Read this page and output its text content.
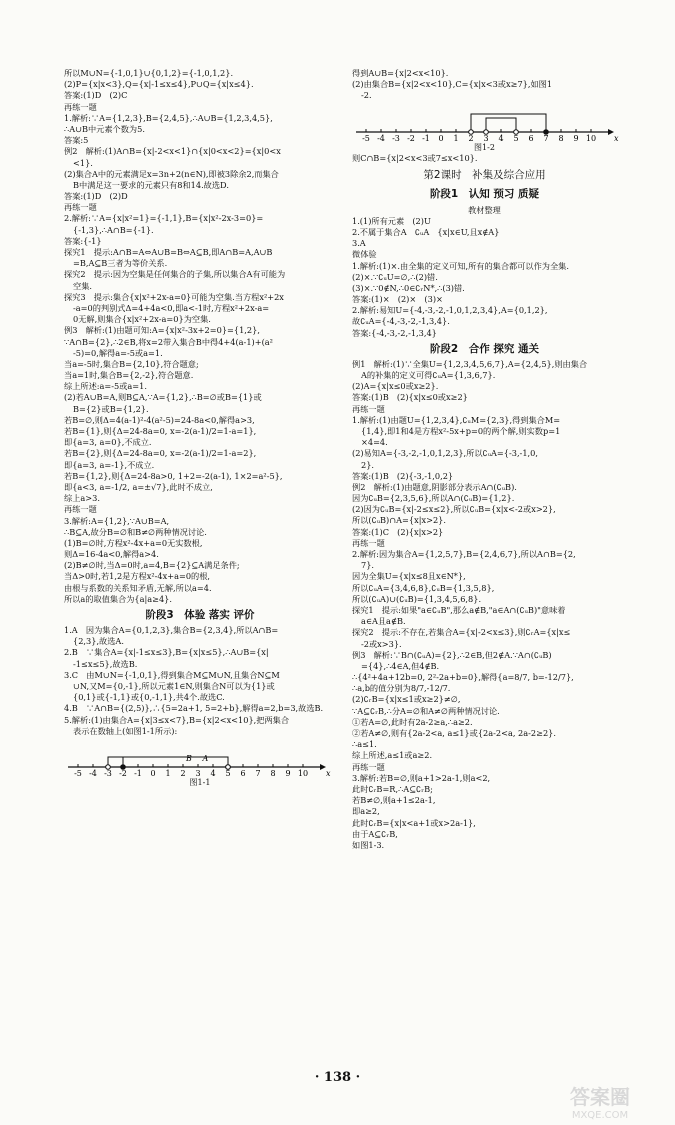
所以M∪N={-1,0,1}∪{0,1,2}={-1,0,1,2}.
(2)P={x|x<3},Q={x|-1≤x≤4},P∪Q={x|x≤4}.
答案:(1)D　(2)C
再练一题
1.解析:∵A={1,2,3},B={2,4,5},∴A∪B={1,2,3,4,5},
∴A∪B中元素个数为5.
答案:5
例2　解析:(1)A∩B={x|-2<x<1}∩{x|0<x<2}={x|0<x
<1}.
(2)集合A中的元素满足x=3n+2(n∈N),即被3除余2,而集合
B中满足这一要求的元素只有8和14.故选D.
答案:(1)D　(2)D
再练一题
2.解析:∵A={x|x²=1}={-1,1},B={x|x²-2x-3=0}=
{-1,3},∴A∩B={-1}.
答案:{-1}
探究1　提示:A∩B=A⇔A∪B=B⇔A⊆B,即A∩B=A,A∪B
=B,A⊆B三者为等价关系.
探究2　提示:因为空集是任何集合的子集,所以集合A有可能为
空集.
探究3　提示:集合{x|x²+2x-a=0}可能为空集.当方程x²+2x
-a=0的判别式Δ=4+4a<0,即a<-1时,方程x²+2x-a=
0无解,则集合{x|x²+2x-a=0}为空集.
例3　解析:(1)由题可知:A={x|x²-3x+2=0}={1,2},
∵A∩B={2},∴2∈B,将x=2带入集合B中得4+4(a-1)+(a²
-5)=0,解得a=-5或a=1.
当a=-5时,集合B={2,10},符合题意;
当a=1时,集合B={2,-2},符合题意.
综上所述:a=-5或a=1.
(2)若A∪B=A,则B⊆A,∵A={1,2},∴B=∅或B={1}或
B={2}或B={1,2}.
若B=∅,则Δ=4(a-1)²-4(a²-5)=24-8a<0,解得a>3,
若B={1},则{Δ=24-8a=0, x=-2(a-1)/2=1-a=1},
即{a=3, a=0},不成立.
若B={2},则{Δ=24-8a=0, x=-2(a-1)/2=1-a=2},
即{a=3, a=-1},不成立.
若B={1,2},则{Δ=24-8a>0, 1+2=-2(a-1), 1×2=a²-5},
即{a<3, a=-1/2, a=±√7},此时不成立,
综上a>3.
再练一题
3.解析:A={1,2},∵A∪B=A,
∴B⊆A,故分B=∅和B≠∅两种情况讨论.
(1)B=∅时,方程x²-4x+a=0无实数根,
则Δ=16-4a<0,解得a>4.
(2)B≠∅时,当Δ=0时,a=4,B={2}⊆A满足条件;
当Δ>0时,若1,2是方程x²-4x+a=0的根,
由根与系数的关系知矛盾,无解,所以a=4.
所以a的取值集合为{a|a≥4}.
阶段3　体验 落实 评价
1.A　因为集合A={0,1,2,3},集合B={2,3,4},所以A∩B=
{2,3},故选A.
2.B　∵集合A={x|-1≤x≤3},B={x|x≤5},∴A∪B={x|
-1≤x≤5},故选B.
3.C　由M∪N={-1,0,1},得到集合M⊆M∪N,且集合N⊆M
∪N,又M={0,-1},所以元素1∈N,则集合N可以为{1}或
{0,1}或{-1,1}或{0,-1,1},共4个.故选C.
4.B　∵A∩B={(2,5)},∴{5=2a+1, 5=2+b},解得a=2,b=3,故选B.
5.解析:(1)由集合A={x|3≤x<7},B={x|2<x<10},把两集合
表示在数轴上(如图1-1所示):
-5 -4 -3 -2 -1 0 1 2 3 4 5 6 7 8 9 10 x
B A
图1-1
得到A∪B={x|2<x<10}.
(2)由集合B={x|2<x<10},C={x|x<3或x≥7},如图1
-2.
-5 -4 -3 -2 -1 0 1 2 3 4 5 6 7 8 9 10 x
图1-2
则C∩B={x|2<x<3或7≤x<10}.
第2课时　补集及综合应用
阶段1　认知 预习 质疑
教材整理
1.(1)所有元素　(2)U
2.不属于集合A　∁ᵤA　{x|x∈U,且x∉A}
3.A
微体验
1.解析:(1)×.由全集的定义可知,所有的集合都可以作为全集.
(2)×.∵∁ᵤU=∅,∴(2)错.
(3)×.∵0∉N,∴0∈∁ᵣN*,∴(3)错.
答案:(1)×　(2)×　(3)×
2.解析:易知U={-4,-3,-2,-1,0,1,2,3,4},A={0,1,2},
故∁ᵤA={-4,-3,-2,-1,3,4}.
答案:{-4,-3,-2,-1,3,4}
阶段2　合作 探究 通关
例1　解析:(1)∵全集U={1,2,3,4,5,6,7},A={2,4,5},则由集合
A的补集的定义可得∁ᵤA={1,3,6,7}.
(2)A={x|x≤0或x≥2}.
答案:(1)B　(2){x|x≤0或x≥2}
再练一题
1.解析:(1)由题U={1,2,3,4},∁ᵤM={2,3},得到集合M=
{1,4},即1和4是方程x²-5x+p=0的两个解,则实数p=1
×4=4.
(2)易知A={-3,-2,-1,0,1,2,3},所以∁ᵤA={-3,-1,0,
2}.
答案:(1)B　(2){-3,-1,0,2}
例2　解析:(1)由题意,阴影部分表示A∩(∁ᵤB).
因为∁ᵤB={2,3,5,6},所以A∩(∁ᵤB)={1,2}.
(2)因为∁ᵤB={x|-2≤x≤2},所以∁ᵤB={x|x<-2或x>2},
所以(∁ᵤB)∩A={x|x>2}.
答案:(1)C　(2){x|x>2}
再练一题
2.解析:因为集合A={1,2,5,7},B={2,4,6,7},所以A∩B={2,
7}.
因为全集U={x|x≤8且x∈N*},
所以∁ᵤA={3,4,6,8},∁ᵤB={1,3,5,8},
所以(∁ᵤA)∪(∁ᵤB)={1,3,4,5,6,8}.
探究1　提示:如果"a∈∁ᵤB",那么a∉B,"a∈A∩(∁ᵤB)"意味着
a∈A且a∉B.
探究2　提示:不存在,若集合A={x|-2<x≤3},则∁ᵣA={x|x≤
-2或x>3}.
例3　解析:∵B∩(∁ᵤA)={2},∴2∈B,但2∉A.∵A∩(∁ᵤB)
={4},∴4∈A,但4∉B.
∴{4²+4a+12b=0, 2²-2a+b=0},解得{a=8/7, b=-12/7},
∴a,b的值分别为8/7,-12/7.
(2)∁ᵣB={x|x≤1或x≥2}≠∅,
∵A⊆∁ᵣB,∴分A=∅和A≠∅两种情况讨论.
①若A=∅,此时有2a-2≥a,∴a≥2.
②若A≠∅,则有{2a-2<a, a≤1}或{2a-2<a, 2a-2≥2}.
∴a≤1.
综上所述,a≤1或a≥2.
再练一题
3.解析:若B=∅,则a+1>2a-1,则a<2,
此时∁ᵣB=R,∴A⊆∁ᵣB;
若B≠∅,则a+1≤2a-1,
即a≥2,
此时∁ᵣB={x|x<a+1或x>2a-1},
由于A⊆∁ᵣB,
如图1-3.
· 138 ·
答案圈
MXQE.COM
